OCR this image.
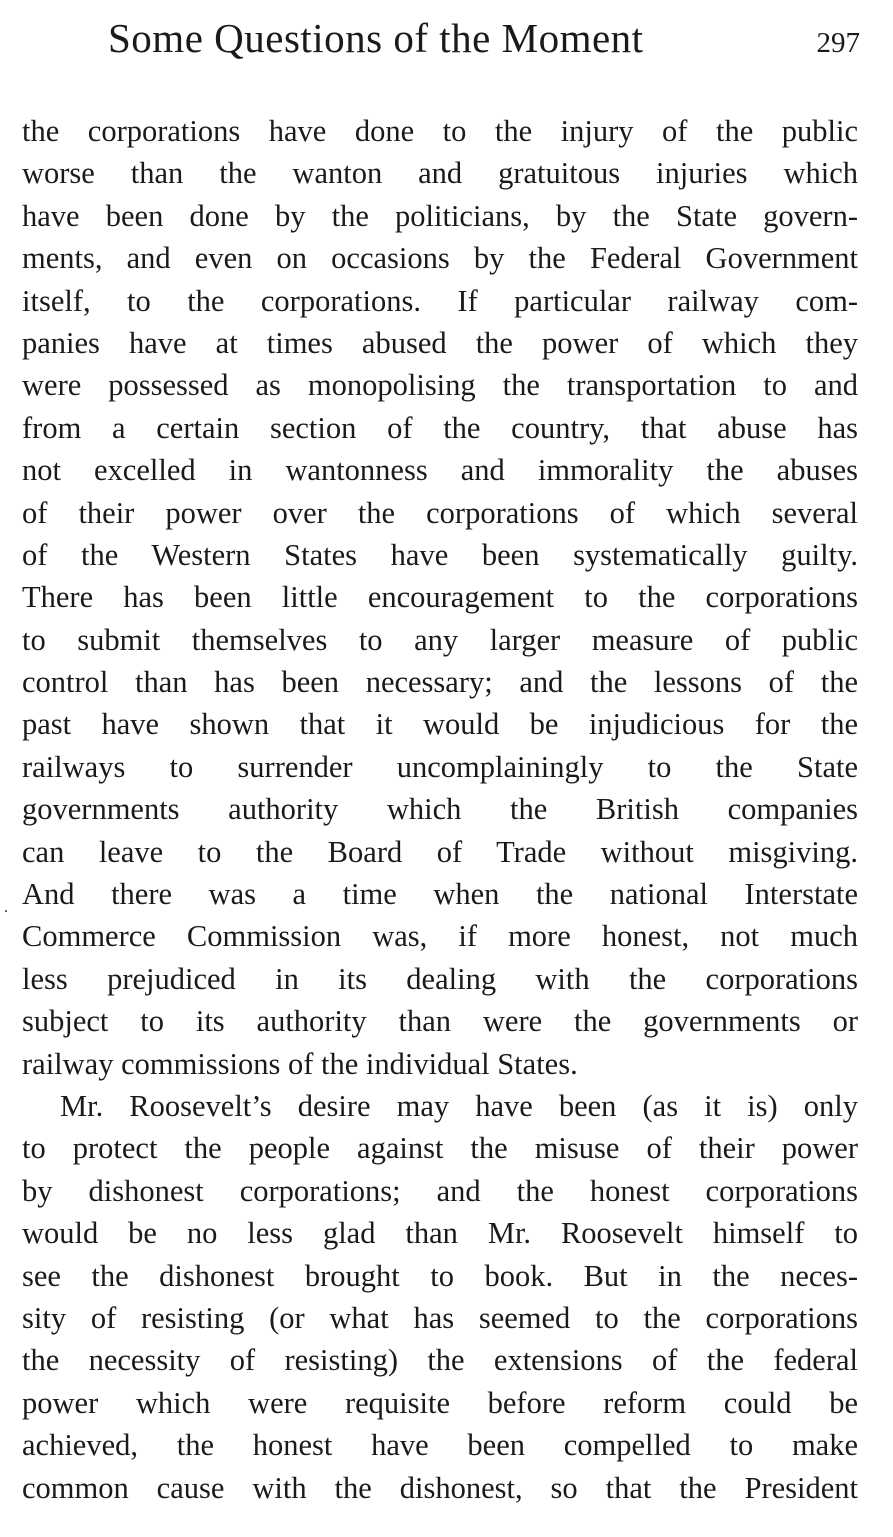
Some Questions of the Moment	297
.
the corporations have done to the injury of the public
worse than the wanton and gratuitous injuries which
have been done by the politicians, by the State govern-
ments, and even on occasions by the Federal Government
itself, to the corporations. If particular railway com-
panies have at times abused the power of which they
were possessed as monopolising the transportation to and
from a certain section of the country, that abuse has
not excelled in wantonness and immorality the abuses
of their power over the corporations of which several
of the Western States have been systematically guilty.
There has been little encouragement to the corporations
to submit themselves to any larger measure of public
control than has been necessary; and the lessons of the
past have shown that it would be injudicious for the
railways to surrender uncomplainingly to the State
governments authority which the British companies
can leave to the Board of Trade without misgiving.
And there was a time when the national Interstate
Commerce Commission was, if more honest, not much
less prejudiced in its dealing with the corporations
subject to its authority than were the governments or
railway commissions of the individual States.
Mr. Roosevelt’s desire may have been (as it is) only
to protect the people against the misuse of their power
by dishonest corporations; and the honest corporations
would be no less glad than Mr. Roosevelt himself to
see the dishonest brought to book. But in the neces-
sity of resisting (or what has seemed to the corporations
the necessity of resisting) the extensions of the federal
power which were requisite before reform could be
achieved, the honest have been compelled to make
common cause with the dishonest, so that the President
